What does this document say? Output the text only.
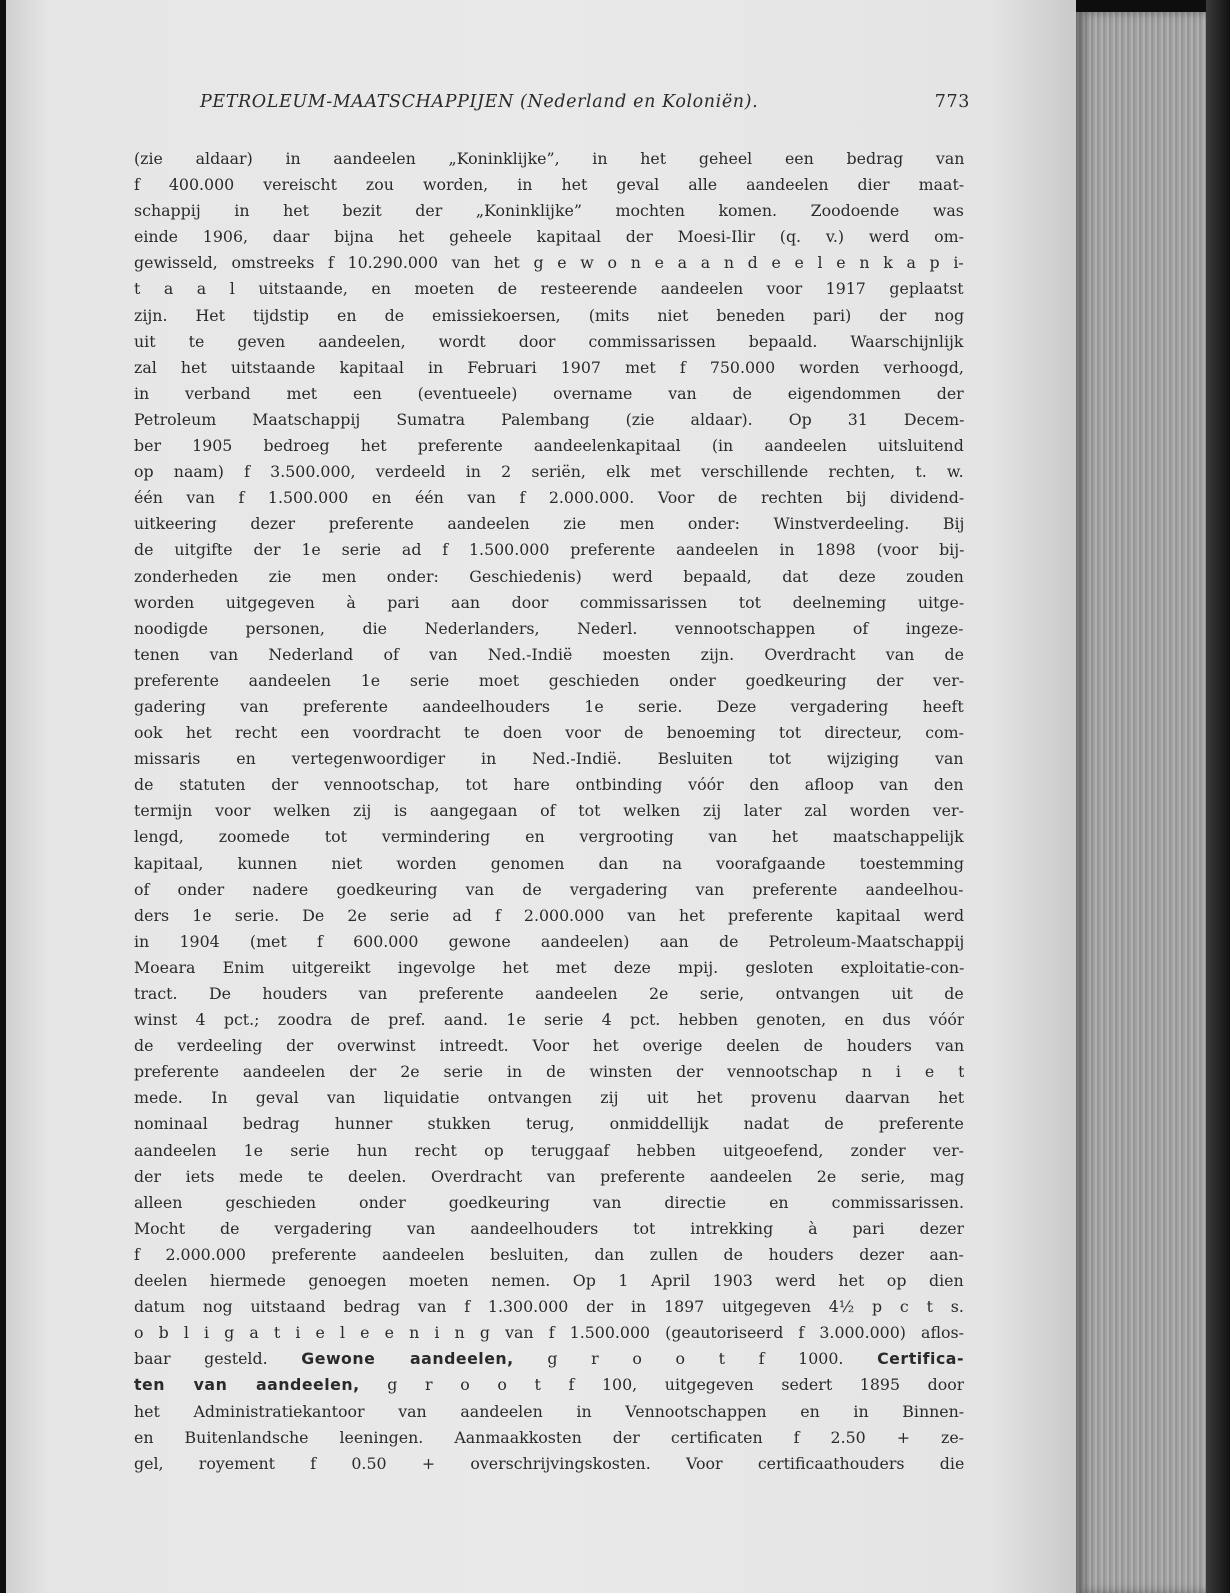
PETROLEUM-MAATSCHAPPIJEN (Nederland en Koloniën).	773
(zie aldaar) in aandeelen „Koninklijke”, in het geheel een bedrag van
f 400.000 vereischt zou worden, in het geval alle aandeelen dier maat-
schappij in het bezit der „Koninklijke” mochten komen. Zoodoende was
einde 1906, daar bijna het geheele kapitaal der Moesi-Ilir (q. v.) werd om-
gewisseld, omstreeks f 10.290.000 van het g e w o n e a a n d e e l e n k a p i-
t a a l uitstaande, en moeten de resteerende aandeelen voor 1917 geplaatst
zijn. Het tijdstip en de emissiekoersen, (mits niet beneden pari) der nog
uit te geven aandeelen, wordt door commissarissen bepaald. Waarschijnlijk
zal het uitstaande kapitaal in Februari 1907 met f 750.000 worden verhoogd,
in verband met een (eventueele) overname van de eigendommen der
Petroleum Maatschappij Sumatra Palembang (zie aldaar). Op 31 Decem-
ber 1905 bedroeg het preferente aandeelenkapitaal (in aandeelen uitsluitend
op naam) f 3.500.000, verdeeld in 2 seriën, elk met verschillende rechten, t. w.
één van f 1.500.000 en één van f 2.000.000. Voor de rechten bij dividend-
uitkeering dezer preferente aandeelen zie men onder: Winstverdeeling. Bij
de uitgifte der 1e serie ad f 1.500.000 preferente aandeelen in 1898 (voor bij-
zonderheden zie men onder: Geschiedenis) werd bepaald, dat deze zouden
worden uitgegeven à pari aan door commissarissen tot deelneming uitge-
noodigde personen, die Nederlanders, Nederl. vennootschappen of ingeze-
tenen van Nederland of van Ned.-Indië moesten zijn. Overdracht van de
preferente aandeelen 1e serie moet geschieden onder goedkeuring der ver-
gadering van preferente aandeelhouders 1e serie. Deze vergadering heeft
ook het recht een voordracht te doen voor de benoeming tot directeur, com-
missaris en vertegenwoordiger in Ned.-Indië. Besluiten tot wijziging van
de statuten der vennootschap, tot hare ontbinding vóór den afloop van den
termijn voor welken zij is aangegaan of tot welken zij later zal worden ver-
lengd, zoomede tot vermindering en vergrooting van het maatschappelijk
kapitaal, kunnen niet worden genomen dan na voorafgaande toestemming
of onder nadere goedkeuring van de vergadering van preferente aandeelhou-
ders 1e serie. De 2e serie ad f 2.000.000 van het preferente kapitaal werd
in 1904 (met f 600.000 gewone aandeelen) aan de Petroleum-Maatschappij
Moeara Enim uitgereikt ingevolge het met deze mpij. gesloten exploitatie-con-
tract. De houders van preferente aandeelen 2e serie, ontvangen uit de
winst 4 pct.; zoodra de pref. aand. 1e serie 4 pct. hebben genoten, en dus vóór
de verdeeling der overwinst intreedt. Voor het overige deelen de houders van
preferente aandeelen der 2e serie in de winsten der vennootschap n i e t
mede. In geval van liquidatie ontvangen zij uit het provenu daarvan het
nominaal bedrag hunner stukken terug, onmiddellijk nadat de preferente
aandeelen 1e serie hun recht op teruggaaf hebben uitgeoefend, zonder ver-
der iets mede te deelen. Overdracht van preferente aandeelen 2e serie, mag
alleen geschieden onder goedkeuring van directie en commissarissen.
Mocht de vergadering van aandeelhouders tot intrekking à pari dezer
f 2.000.000 preferente aandeelen besluiten, dan zullen de houders dezer aan-
deelen hiermede genoegen moeten nemen. Op 1 April 1903 werd het op dien
datum nog uitstaand bedrag van f 1.300.000 der in 1897 uitgegeven 4½ p c t s.
o b l i g a t i e l e e n i n g van f 1.500.000 (geautoriseerd f 3.000.000) aflos-
baar gesteld. Gewone aandeelen, g r o o t f 1000. Certifica-
ten van aandeelen, g r o o t f 100, uitgegeven sedert 1895 door
het Administratiekantoor van aandeelen in Vennootschappen en in Binnen-
en Buitenlandsche leeningen. Aanmaakkosten der certificaten f 2.50 + ze-
gel, royement f 0.50 + overschrijvingskosten. Voor certificaathouders die
